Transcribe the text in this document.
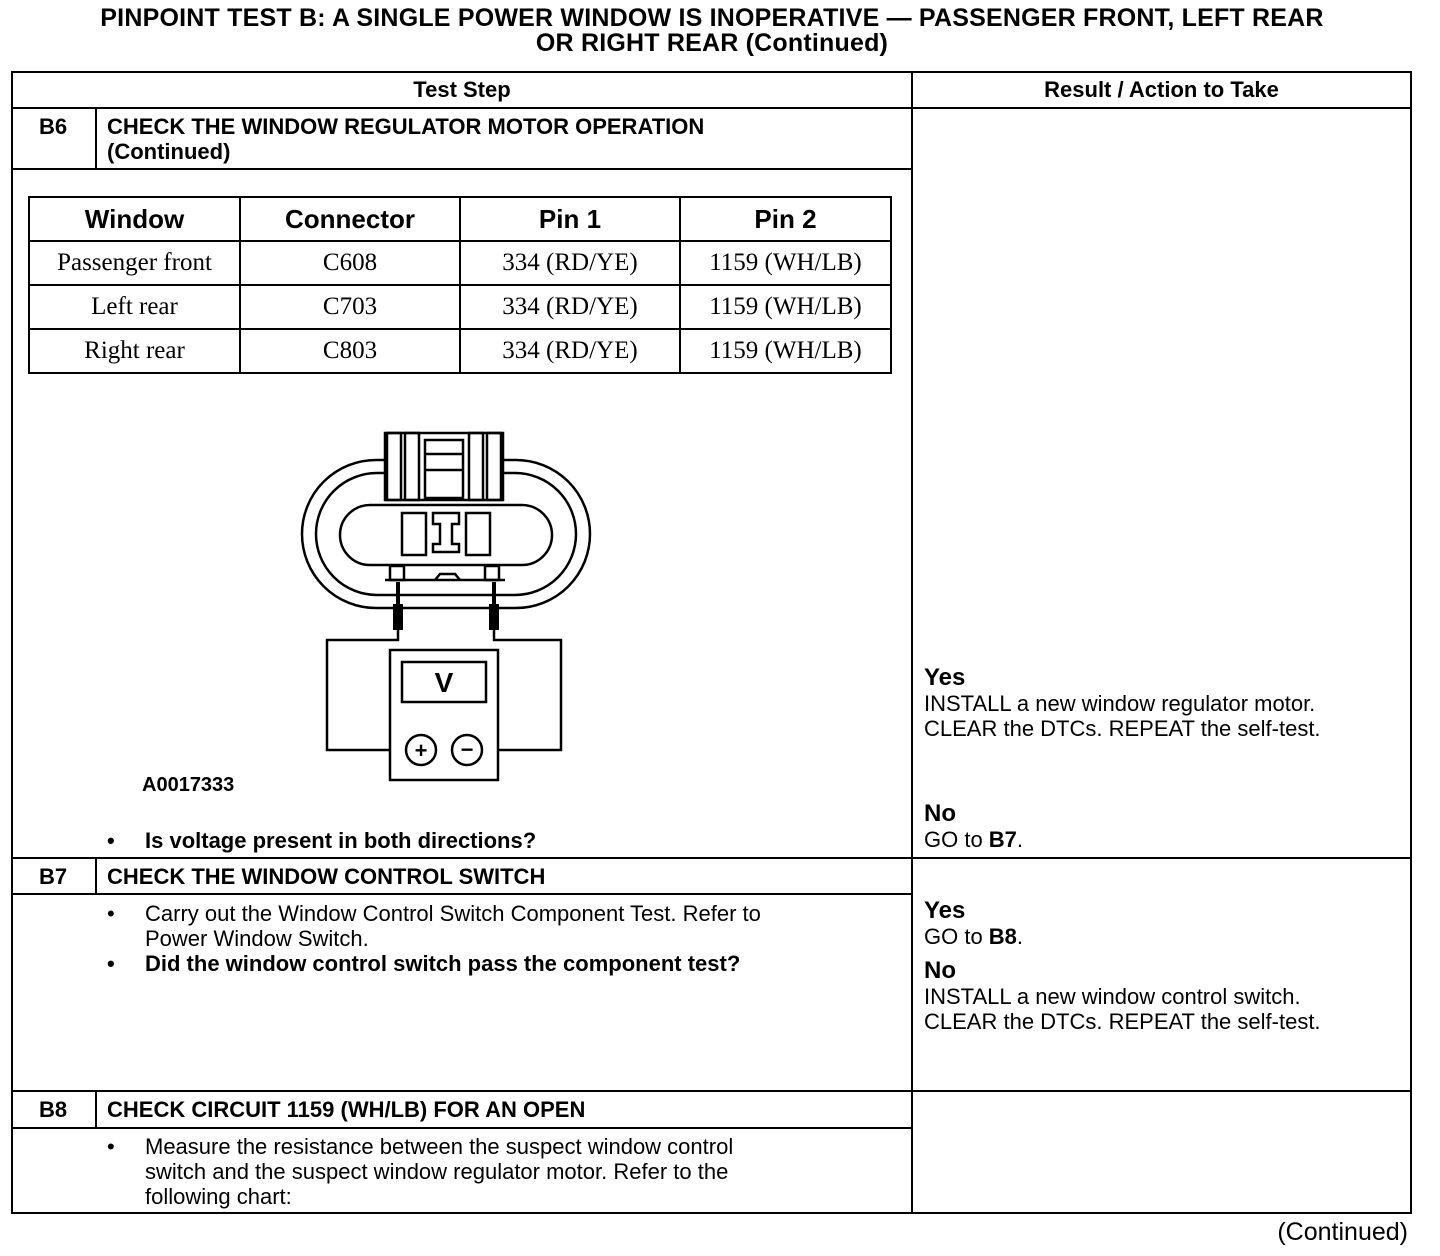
PINPOINT TEST B: A SINGLE POWER WINDOW IS INOPERATIVE — PASSENGER FRONT, LEFT REAR
OR RIGHT REAR (Continued)
Test Step	Result / Action to Take
B6	CHECK THE WINDOW REGULATOR MOTOR OPERATION
(Continued)
Window	Connector	Pin 1	Pin 2
Passenger front	C608	334 (RD/YE)	1159 (WH/LB)
Left rear	C703	334 (RD/YE)	1159 (WH/LB)
Right rear	C803	334 (RD/YE)	1159 (WH/LB)
V
+ −
A0017333
• Is voltage present in both directions?
Yes
INSTALL a new window regulator motor.
CLEAR the DTCs. REPEAT the self-test.
No
GO to B7.
B7	CHECK THE WINDOW CONTROL SWITCH
• Carry out the Window Control Switch Component Test. Refer to
Power Window Switch.
• Did the window control switch pass the component test?
Yes
GO to B8.
No
INSTALL a new window control switch.
CLEAR the DTCs. REPEAT the self-test.
B8	CHECK CIRCUIT 1159 (WH/LB) FOR AN OPEN
• Measure the resistance between the suspect window control
switch and the suspect window regulator motor. Refer to the
following chart:
(Continued)
